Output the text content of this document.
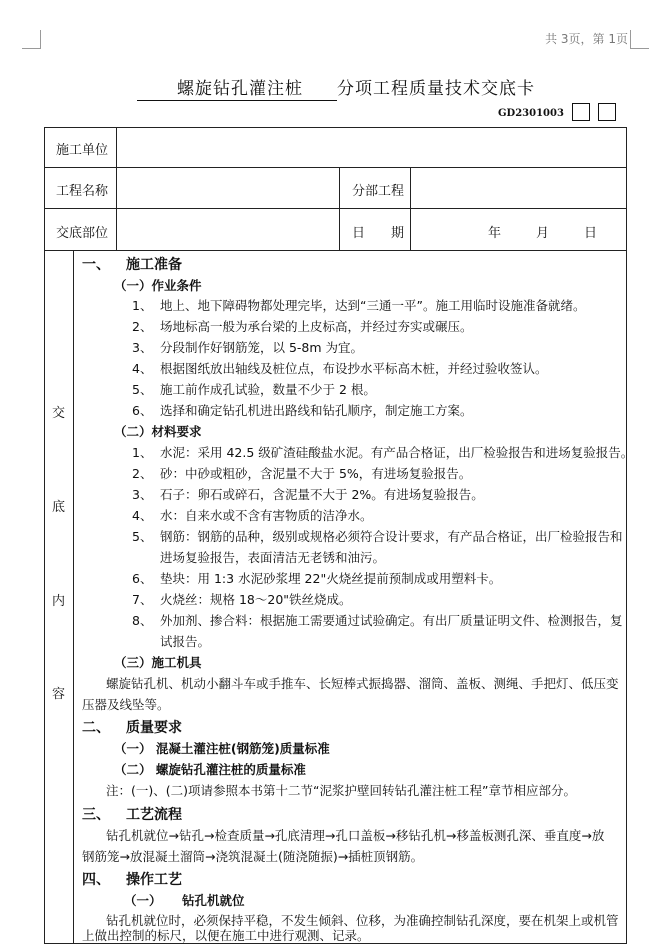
共 3页，第 1页
螺旋钻孔灌注桩 分项工程质量技术交底卡
GD2301003
施工单位
工程名称	分部工程
交底部位	日　　期	年	月	日
交
底
内
容
一、 施工准备
（一）作业条件
1、 地上、地下障碍物都处理完毕，达到“三通一平”。施工用临时设施准备就绪。
2、 场地标高一般为承台梁的上皮标高，并经过夯实或碾压。
3、 分段制作好钢筋笼，以 5-8m 为宜。
4、 根据图纸放出轴线及桩位点，布设抄水平标高木桩，并经过验收签认。
5、 施工前作成孔试验，数量不少于 2 根。
6、 选择和确定钻孔机进出路线和钻孔顺序，制定施工方案。
（二）材料要求
1、 水泥：采用 42.5 级矿渣硅酸盐水泥。有产品合格证，出厂检验报告和进场复验报告。
2、 砂：中砂或粗砂，含泥量不大于 5%，有进场复验报告。
3、 石子：卵石或碎石，含泥量不大于 2%。有进场复验报告。
4、 水：自来水或不含有害物质的洁净水。
5、 钢筋：钢筋的品种，级别或规格必须符合设计要求，有产品合格证，出厂检验报告和
进场复验报告，表面清洁无老锈和油污。
6、 垫块：用 1:3 水泥砂浆埋 22"火烧丝提前预制成或用塑料卡。
7、 火烧丝：规格 18～20"铁丝烧成。
8、 外加剂、掺合料：根据施工需要通过试验确定。有出厂质量证明文件、检测报告，复
试报告。
（三）施工机具
螺旋钻孔机、机动小翻斗车或手推车、长短棒式振捣器、溜筒、盖板、测绳、手把灯、低压变
压器及线坠等。
二、 质量要求
（一） 混凝土灌注桩(钢筋笼)质量标准
（二） 螺旋钻孔灌注桩的质量标准
注：(一)、(二)项请参照本书第十二节“泥浆护壁回转钻孔灌注桩工程”章节相应部分。
三、 工艺流程
钻孔机就位→钻孔→检查质量→孔底清理→孔口盖板→移钻孔机→移盖板测孔深、垂直度→放
钢筋笼→放混凝土溜筒→浇筑混凝土(随浇随振)→插桩顶钢筋。
四、 操作工艺
（一） 钻孔机就位
钻孔机就位时，必须保持平稳，不发生倾斜、位移，为准确控制钻孔深度，要在机架上或机管
上做出控制的标尺，以便在施工中进行观测、记录。
